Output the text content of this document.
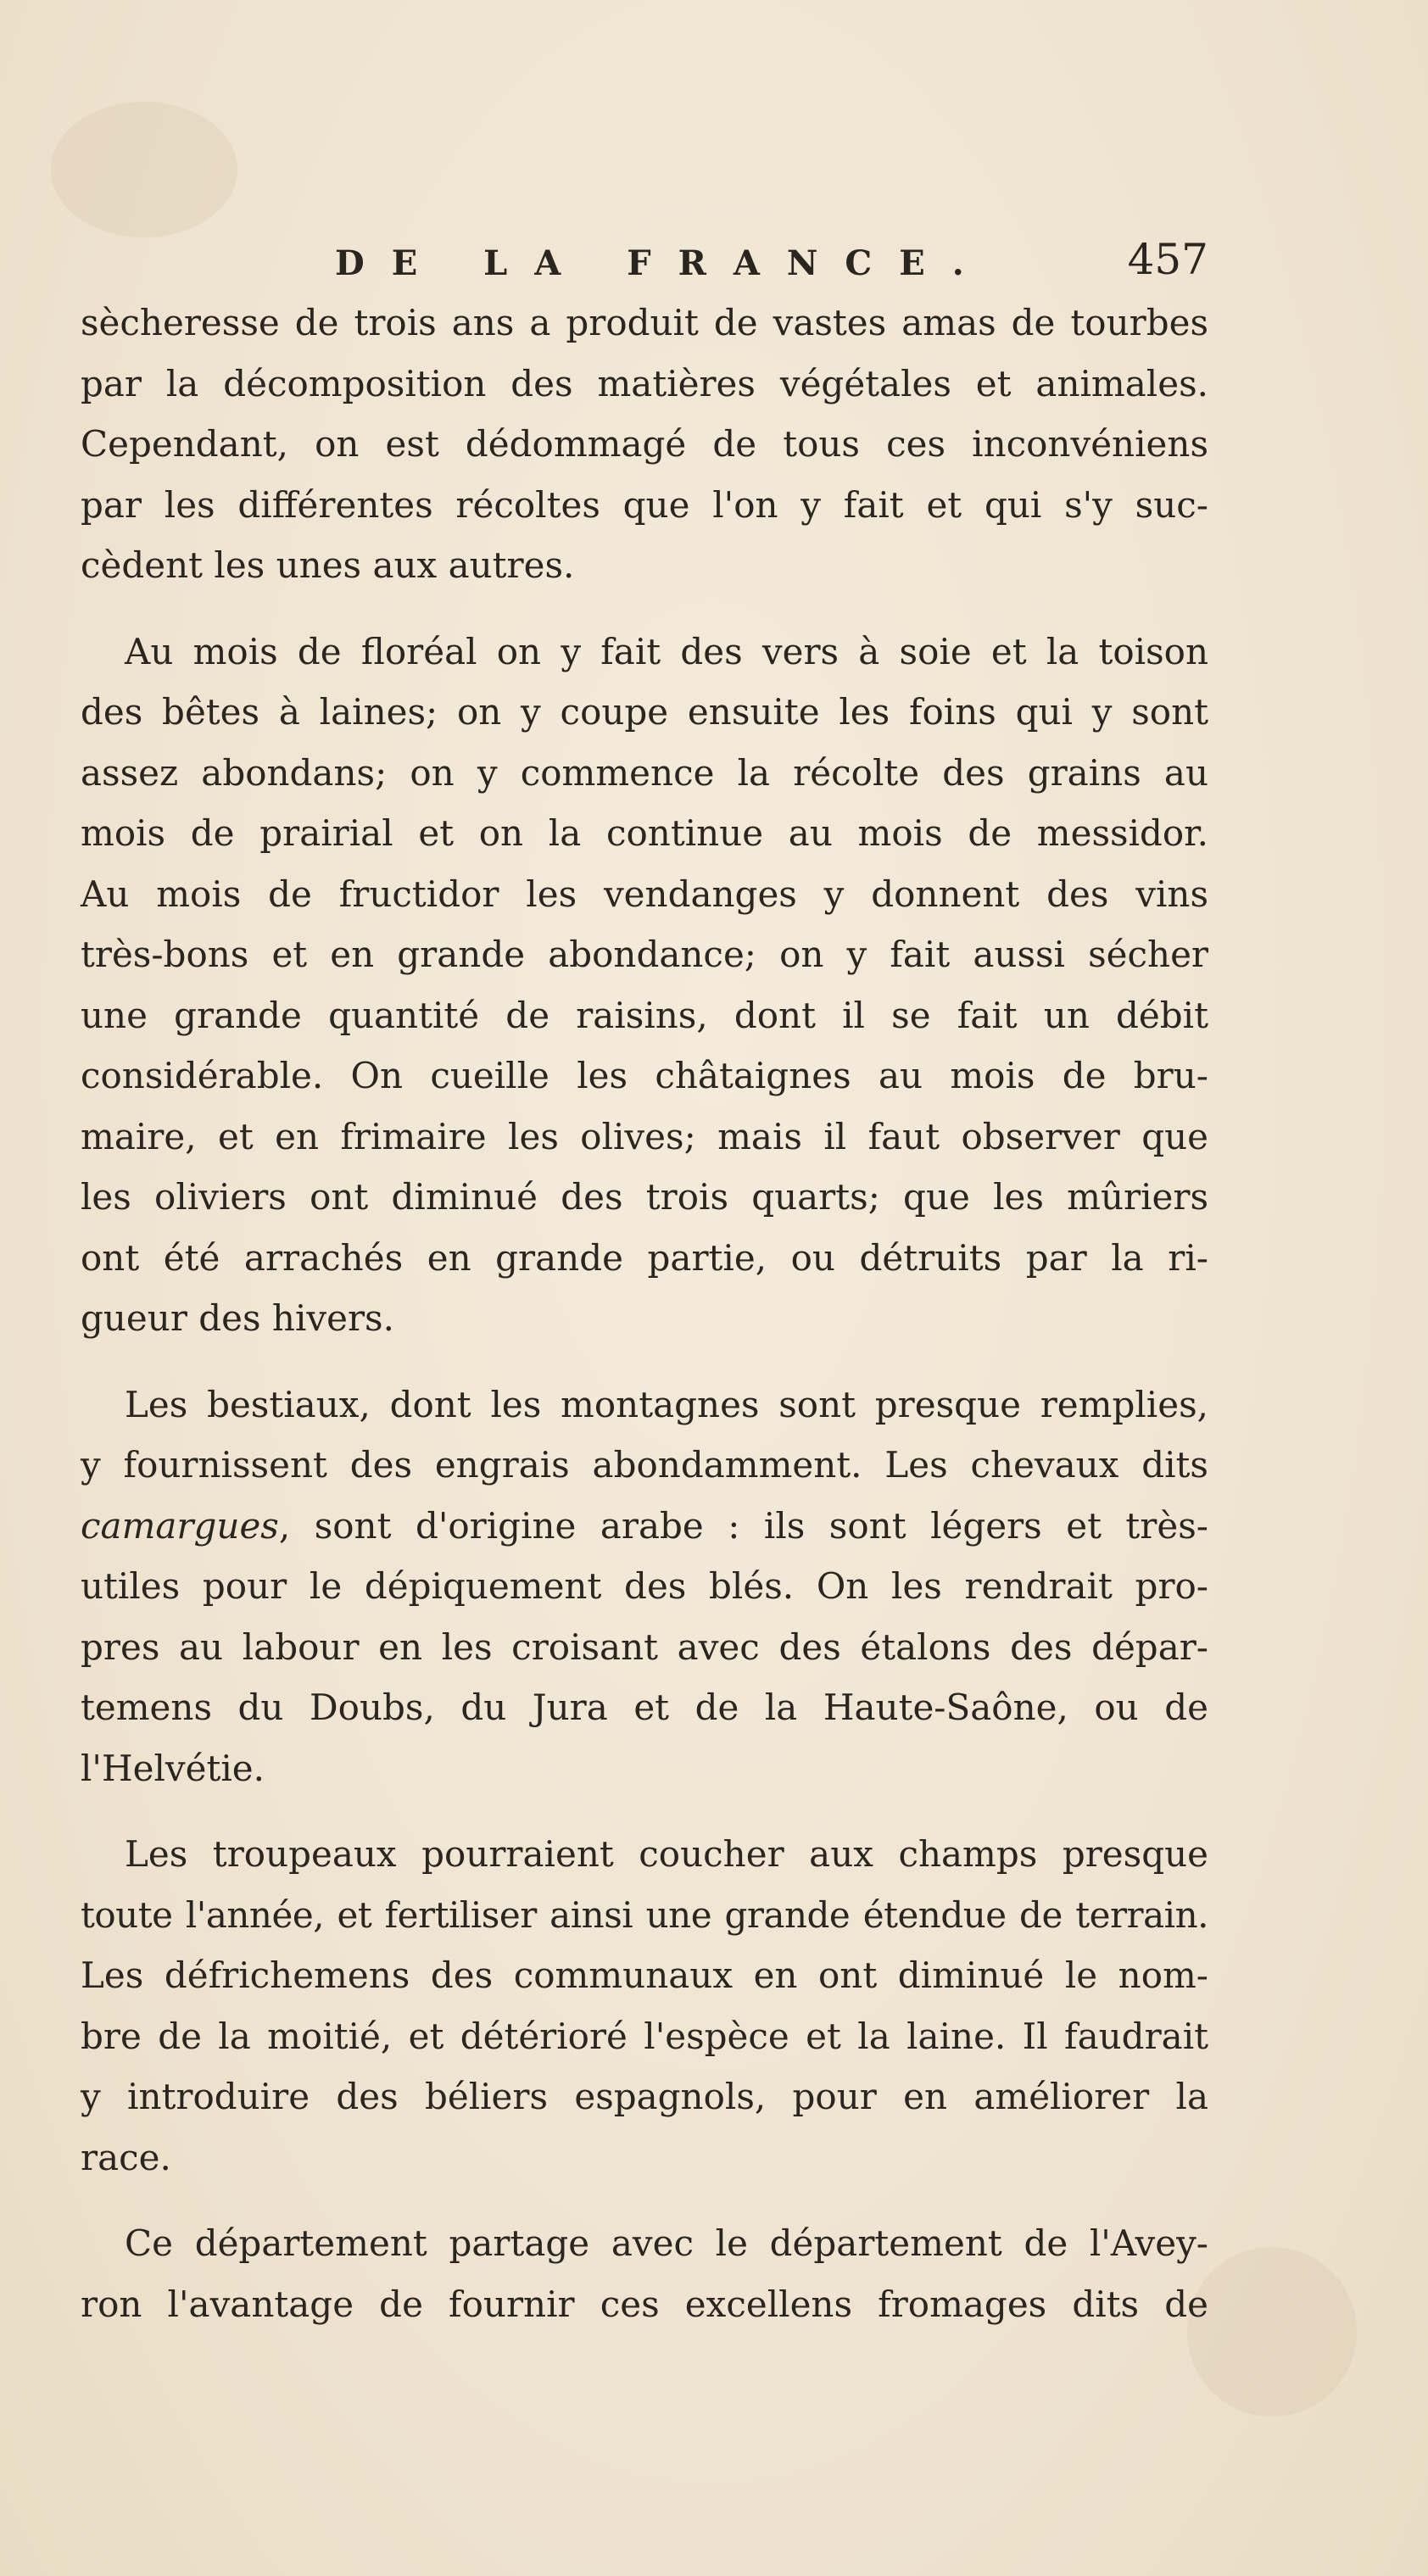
DE LA FRANCE.	457
sècheresse de trois ans a produit de vastes amas de tourbes
par la décomposition des matières végétales et animales.
Cependant, on est dédommagé de tous ces inconvéniens
par les différentes récoltes que l'on y fait et qui s'y suc-
cèdent les unes aux autres.
Au mois de floréal on y fait des vers à soie et la toison
des bêtes à laines; on y coupe ensuite les foins qui y sont
assez abondans; on y commence la récolte des grains au
mois de prairial et on la continue au mois de messidor.
Au mois de fructidor les vendanges y donnent des vins
très-bons et en grande abondance; on y fait aussi sécher
une grande quantité de raisins, dont il se fait un débit
considérable. On cueille les châtaignes au mois de bru-
maire, et en frimaire les olives; mais il faut observer que
les oliviers ont diminué des trois quarts; que les mûriers
ont été arrachés en grande partie, ou détruits par la ri-
gueur des hivers.
Les bestiaux, dont les montagnes sont presque remplies,
y fournissent des engrais abondamment. Les chevaux dits
camargues, sont d'origine arabe : ils sont légers et très-
utiles pour le dépiquement des blés. On les rendrait pro-
pres au labour en les croisant avec des étalons des dépar-
temens du Doubs, du Jura et de la Haute-Saône, ou de
l'Helvétie.
Les troupeaux pourraient coucher aux champs presque
toute l'année, et fertiliser ainsi une grande étendue de terrain.
Les défrichemens des communaux en ont diminué le nom-
bre de la moitié, et détérioré l'espèce et la laine. Il faudrait
y introduire des béliers espagnols, pour en améliorer la
race.
Ce département partage avec le département de l'Avey-
ron l'avantage de fournir ces excellens fromages dits de
